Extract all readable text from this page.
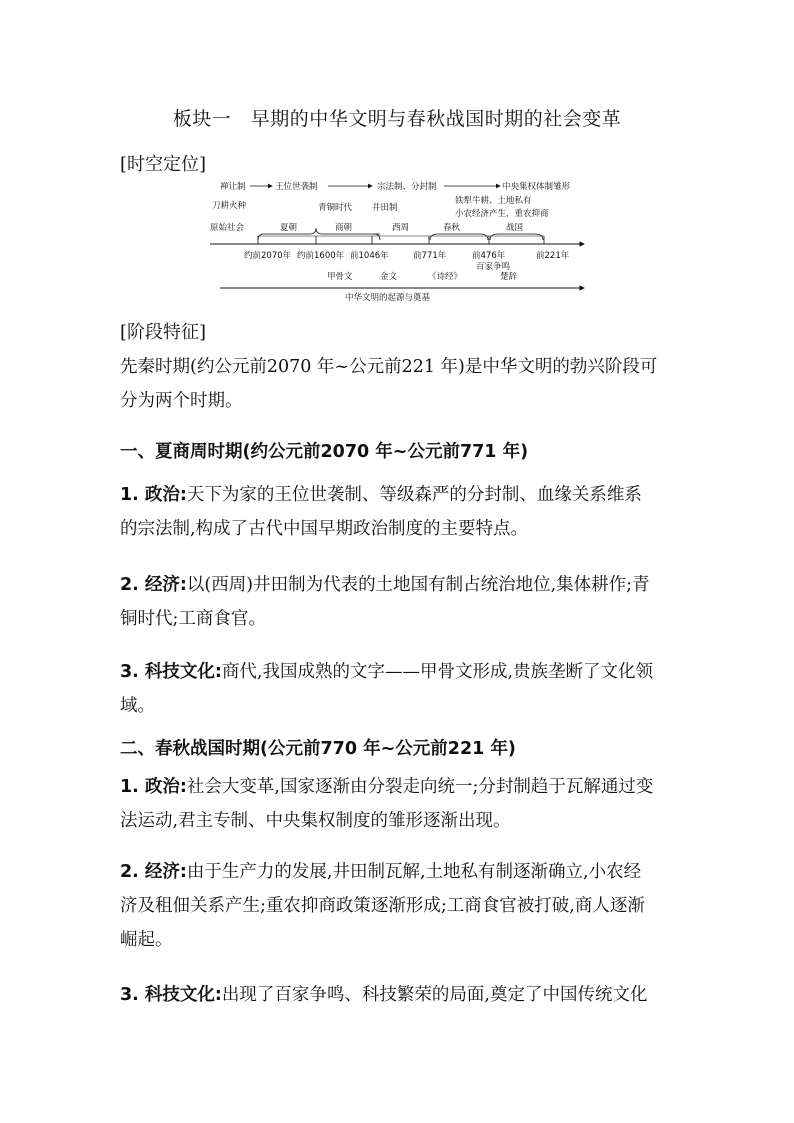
板块一　早期的中华文明与春秋战国时期的社会变革
[时空定位]
禅让制	王位世袭制	宗法制、分封制	中央集权体制雏形
刀耕火种	青铜时代 井田制
铁犁牛耕、土地私有
小农经济产生，重农抑商
原始社会	夏朝	商朝	西周	春秋	战国
约前2070年 约前1600年 前1046年	前771年	前476年	前221年
百家争鸣
甲骨文	金文	《诗经》	楚辞
中华文明的起源与奠基
[阶段特征]
先秦时期(约公元前2070 年~公元前221 年)是中华文明的勃兴阶段可
分为两个时期。
一、夏商周时期(约公元前2070 年~公元前771 年)
1. 政治:天下为家的王位世袭制、等级森严的分封制、血缘关系维系
的宗法制,构成了古代中国早期政治制度的主要特点。
2. 经济:以(西周)井田制为代表的土地国有制占统治地位,集体耕作;青
铜时代;工商食官。
3. 科技文化:商代,我国成熟的文字——甲骨文形成,贵族垄断了文化领
域。
二、春秋战国时期(公元前770 年~公元前221 年)
1. 政治:社会大变革,国家逐渐由分裂走向统一;分封制趋于瓦解通过变
法运动,君主专制、中央集权制度的雏形逐渐出现。
2. 经济:由于生产力的发展,井田制瓦解,土地私有制逐渐确立,小农经
济及租佃关系产生;重农抑商政策逐渐形成;工商食官被打破,商人逐渐
崛起。
3. 科技文化:出现了百家争鸣、科技繁荣的局面,奠定了中国传统文化
